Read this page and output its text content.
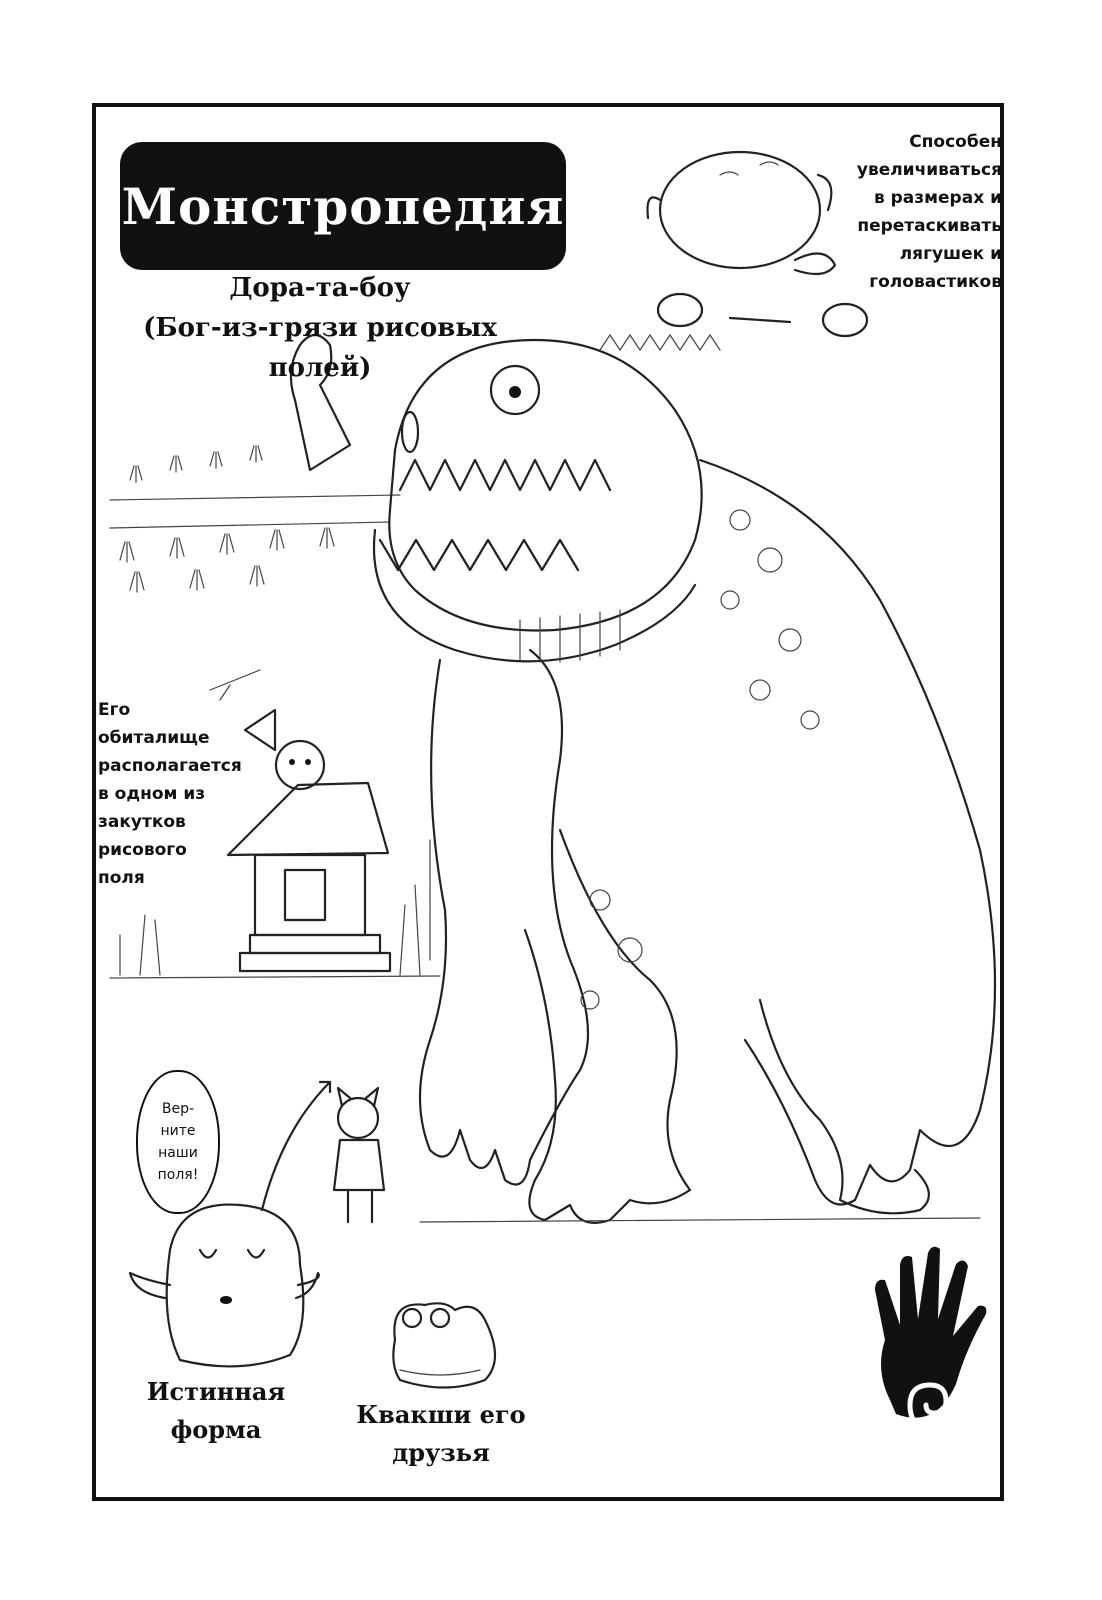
Монстропедия
Дора-та-боу
(Бог-из-грязи рисовых полей)
Способен
увеличиваться
в размерах и
перетаскивать
лягушек и
головастиков
Его
обиталище
располагается
в одном из
закутков
рисового
поля
Вер-
ните
наши
поля!
Истинная
форма
Квакши его
друзья
